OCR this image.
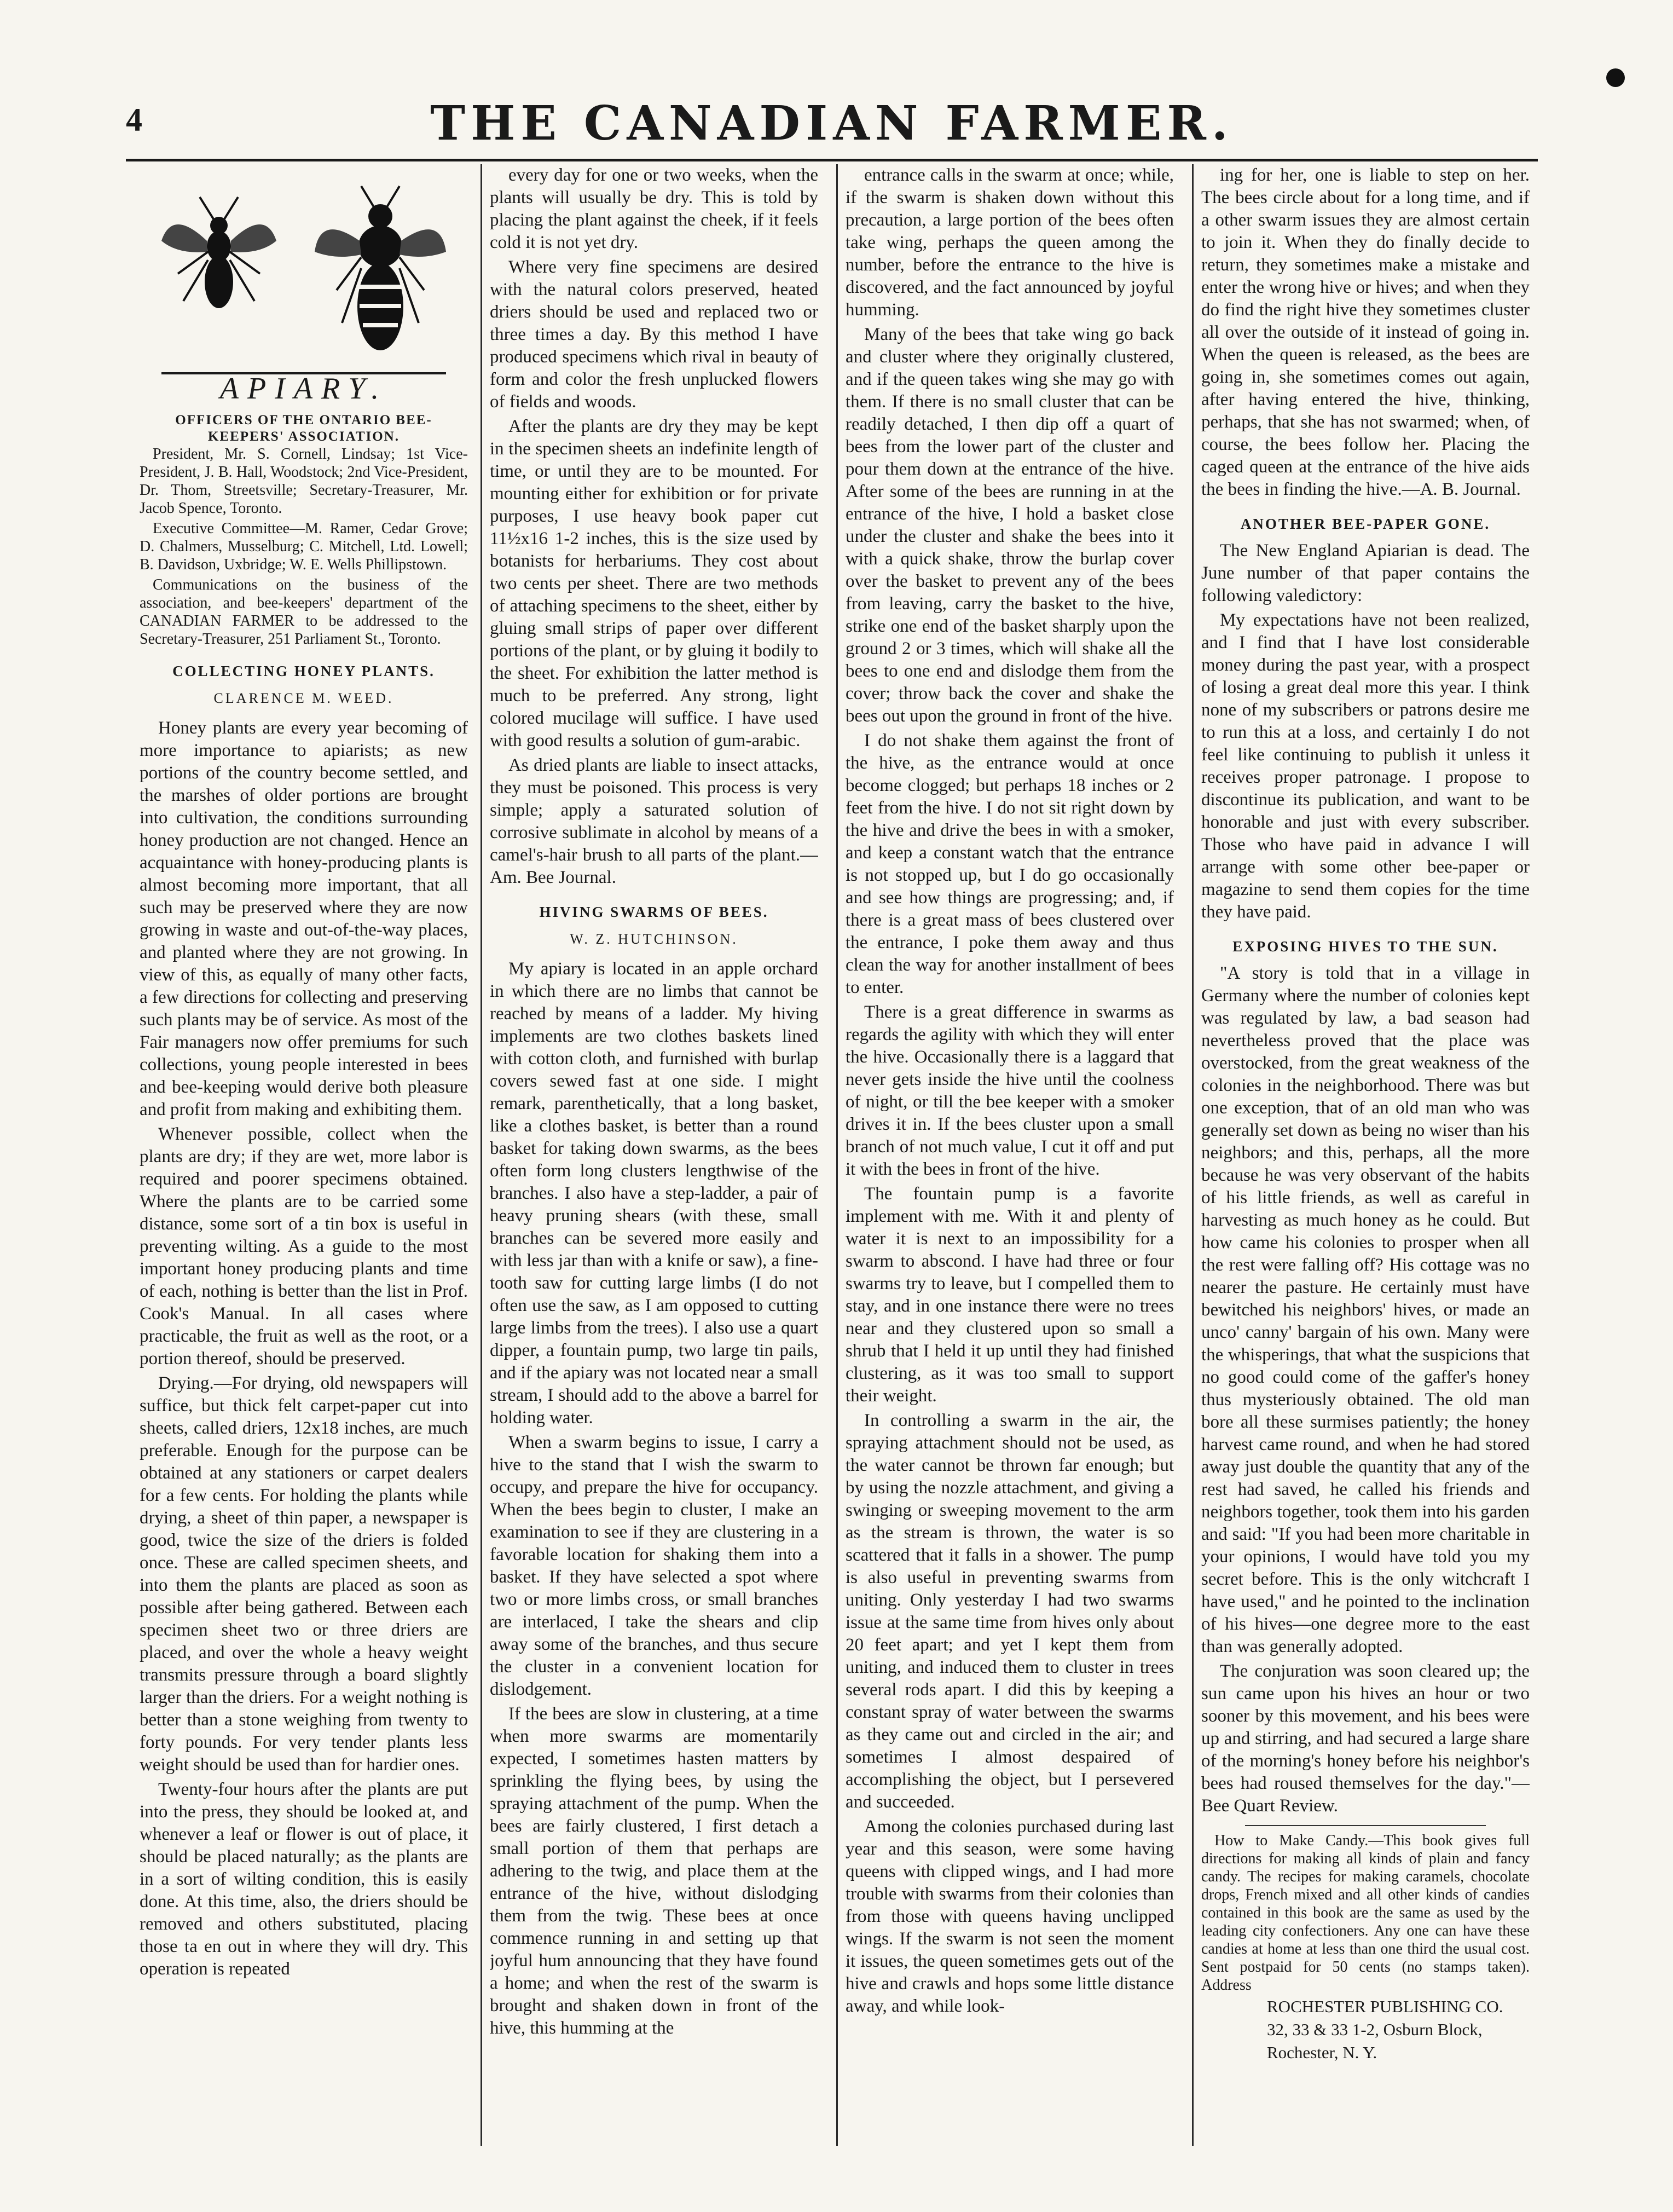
4	THE CANADIAN FARMER.
APIARY.
OFFICERS OF THE ONTARIO BEE-KEEPERS' ASSOCIATION.

President, Mr. S. Cornell, Lindsay; 1st Vice-President, J. B. Hall, Woodstock; 2nd Vice-President, Dr. Thom, Streetsville; Secretary-Treasurer, Mr. Jacob Spence, Toronto.

Executive Committee—M. Ramer, Cedar Grove; D. Chalmers, Musselburg; C. Mitchell, Ltd. Lowell; B. Davidson, Uxbridge; W. E. Wells Phillipstown.

Communications on the business of the association, and bee-keepers' department of the CANADIAN FARMER to be addressed to the Secretary-Treasurer, 251 Parliament St., Toronto.

COLLECTING HONEY PLANTS.
CLARENCE M. WEED.

Honey plants are every year becoming of more importance to apiarists; as new portions of the country become settled, and the marshes of older portions are brought into cultivation, the conditions surrounding honey production are not changed. Hence an acquaintance with honey-producing plants is almost becoming more important, that all such may be preserved where they are now growing in waste and out-of-the-way places, and planted where they are not growing. In view of this, as equally of many other facts, a few directions for collecting and preserving such plants may be of service. As most of the Fair managers now offer premiums for such collections, young people interested in bees and bee-keeping would derive both pleasure and profit from making and exhibiting them.

Whenever possible, collect when the plants are dry; if they are wet, more labor is required and poorer specimens obtained. Where the plants are to be carried some distance, some sort of a tin box is useful in preventing wilting. As a guide to the most important honey producing plants and time of each, nothing is better than the list in Prof. Cook's Manual. In all cases where practicable, the fruit as well as the root, or a portion thereof, should be preserved.

Drying.—For drying, old newspapers will suffice, but thick felt carpet-paper cut into sheets, called driers, 12x18 inches, are much preferable. Enough for the purpose can be obtained at any stationers or carpet dealers for a few cents. For holding the plants while drying, a sheet of thin paper, a newspaper is good, twice the size of the driers is folded once. These are called specimen sheets, and into them the plants are placed as soon as possible after being gathered. Between each specimen sheet two or three driers are placed, and over the whole a heavy weight transmits pressure through a board slightly larger than the driers. For a weight nothing is better than a stone weighing from twenty to forty pounds. For very tender plants less weight should be used than for hardier ones.

Twenty-four hours after the plants are put into the press, they should be looked at, and whenever a leaf or flower is out of place, it should be placed naturally; as the plants are in a sort of wilting condition, this is easily done. At this time, also, the driers should be removed and others substituted, placing those ta en out in where they will dry. This operation is repeated

every day for one or two weeks, when the plants will usually be dry. This is told by placing the plant against the cheek, if it feels cold it is not yet dry.

Where very fine specimens are desired with the natural colors preserved, heated driers should be used and replaced two or three times a day. By this method I have produced specimens which rival in beauty of form and color the fresh unplucked flowers of fields and woods.

After the plants are dry they may be kept in the specimen sheets an indefinite length of time, or until they are to be mounted. For mounting either for exhibition or for private purposes, I use heavy book paper cut 11½x16 1-2 inches, this is the size used by botanists for herbariums. They cost about two cents per sheet. There are two methods of attaching specimens to the sheet, either by gluing small strips of paper over different portions of the plant, or by gluing it bodily to the sheet. For exhibition the latter method is much to be preferred. Any strong, light colored mucilage will suffice. I have used with good results a solution of gum-arabic.

As dried plants are liable to insect attacks, they must be poisoned. This process is very simple; apply a saturated solution of corrosive sublimate in alcohol by means of a camel's-hair brush to all parts of the plant.—Am. Bee Journal.

HIVING SWARMS OF BEES.
W. Z. HUTCHINSON.

My apiary is located in an apple orchard in which there are no limbs that cannot be reached by means of a ladder. My hiving implements are two clothes baskets lined with cotton cloth, and furnished with burlap covers sewed fast at one side. I might remark, parenthetically, that a long basket, like a clothes basket, is better than a round basket for taking down swarms, as the bees often form long clusters lengthwise of the branches. I also have a step-ladder, a pair of heavy pruning shears (with these, small branches can be severed more easily and with less jar than with a knife or saw), a fine-tooth saw for cutting large limbs (I do not often use the saw, as I am opposed to cutting large limbs from the trees). I also use a quart dipper, a fountain pump, two large tin pails, and if the apiary was not located near a small stream, I should add to the above a barrel for holding water.

When a swarm begins to issue, I carry a hive to the stand that I wish the swarm to occupy, and prepare the hive for occupancy. When the bees begin to cluster, I make an examination to see if they are clustering in a favorable location for shaking them into a basket. If they have selected a spot where two or more limbs cross, or small branches are interlaced, I take the shears and clip away some of the branches, and thus secure the cluster in a convenient location for dislodgement.

If the bees are slow in clustering, at a time when more swarms are momentarily expected, I sometimes hasten matters by sprinkling the flying bees, by using the spraying attachment of the pump. When the bees are fairly clustered, I first detach a small portion of them that perhaps are adhering to the twig, and place them at the entrance of the hive, without dislodging them from the twig. These bees at once commence running in and setting up that joyful hum announcing that they have found a home; and when the rest of the swarm is brought and shaken down in front of the hive, this humming at the

entrance calls in the swarm at once; while, if the swarm is shaken down without this precaution, a large portion of the bees often take wing, perhaps the queen among the number, before the entrance to the hive is discovered, and the fact announced by joyful humming.

Many of the bees that take wing go back and cluster where they originally clustered, and if the queen takes wing she may go with them. If there is no small cluster that can be readily detached, I then dip off a quart of bees from the lower part of the cluster and pour them down at the entrance of the hive. After some of the bees are running in at the entrance of the hive, I hold a basket close under the cluster and shake the bees into it with a quick shake, throw the burlap cover over the basket to prevent any of the bees from leaving, carry the basket to the hive, strike one end of the basket sharply upon the ground 2 or 3 times, which will shake all the bees to one end and dislodge them from the cover; throw back the cover and shake the bees out upon the ground in front of the hive.

I do not shake them against the front of the hive, as the entrance would at once become clogged; but perhaps 18 inches or 2 feet from the hive. I do not sit right down by the hive and drive the bees in with a smoker, and keep a constant watch that the entrance is not stopped up, but I do go occasionally and see how things are progressing; and, if there is a great mass of bees clustered over the entrance, I poke them away and thus clean the way for another installment of bees to enter.

There is a great difference in swarms as regards the agility with which they will enter the hive. Occasionally there is a laggard that never gets inside the hive until the coolness of night, or till the bee keeper with a smoker drives it in. If the bees cluster upon a small branch of not much value, I cut it off and put it with the bees in front of the hive.

The fountain pump is a favorite implement with me. With it and plenty of water it is next to an impossibility for a swarm to abscond. I have had three or four swarms try to leave, but I compelled them to stay, and in one instance there were no trees near and they clustered upon so small a shrub that I held it up until they had finished clustering, as it was too small to support their weight.

In controlling a swarm in the air, the spraying attachment should not be used, as the water cannot be thrown far enough; but by using the nozzle attachment, and giving a swinging or sweeping movement to the arm as the stream is thrown, the water is so scattered that it falls in a shower. The pump is also useful in preventing swarms from uniting. Only yesterday I had two swarms issue at the same time from hives only about 20 feet apart; and yet I kept them from uniting, and induced them to cluster in trees several rods apart. I did this by keeping a constant spray of water between the swarms as they came out and circled in the air; and sometimes I almost despaired of accomplishing the object, but I persevered and succeeded.

Among the colonies purchased during last year and this season, were some having queens with clipped wings, and I had more trouble with swarms from their colonies than from those with queens having unclipped wings. If the swarm is not seen the moment it issues, the queen sometimes gets out of the hive and crawls and hops some little distance away, and while look-

ing for her, one is liable to step on her. The bees circle about for a long time, and if a other swarm issues they are almost certain to join it. When they do finally decide to return, they sometimes make a mistake and enter the wrong hive or hives; and when they do find the right hive they sometimes cluster all over the outside of it instead of going in. When the queen is released, as the bees are going in, she sometimes comes out again, after having entered the hive, thinking, perhaps, that she has not swarmed; when, of course, the bees follow her. Placing the caged queen at the entrance of the hive aids the bees in finding the hive.—A. B. Journal.

ANOTHER BEE-PAPER GONE.

The New England Apiarian is dead. The June number of that paper contains the following valedictory:

My expectations have not been realized, and I find that I have lost considerable money during the past year, with a prospect of losing a great deal more this year. I think none of my subscribers or patrons desire me to run this at a loss, and certainly I do not feel like continuing to publish it unless it receives proper patronage. I propose to discontinue its publication, and want to be honorable and just with every subscriber. Those who have paid in advance I will arrange with some other bee-paper or magazine to send them copies for the time they have paid.

EXPOSING HIVES TO THE SUN.

"A story is told that in a village in Germany where the number of colonies kept was regulated by law, a bad season had nevertheless proved that the place was overstocked, from the great weakness of the colonies in the neighborhood. There was but one exception, that of an old man who was generally set down as being no wiser than his neighbors; and this, perhaps, all the more because he was very observant of the habits of his little friends, as well as careful in harvesting as much honey as he could. But how came his colonies to prosper when all the rest were falling off? His cottage was no nearer the pasture. He certainly must have bewitched his neighbors' hives, or made an unco' canny' bargain of his own. Many were the whisperings, that what the suspicions that no good could come of the gaffer's honey thus mysteriously obtained. The old man bore all these surmises patiently; the honey harvest came round, and when he had stored away just double the quantity that any of the rest had saved, he called his friends and neighbors together, took them into his garden and said: "If you had been more charitable in your opinions, I would have told you my secret before. This is the only witchcraft I have used," and he pointed to the inclination of his hives—one degree more to the east than was generally adopted.

The conjuration was soon cleared up; the sun came upon his hives an hour or two sooner by this movement, and his bees were up and stirring, and had secured a large share of the morning's honey before his neighbor's bees had roused themselves for the day."—Bee Quart Review.

How to Make Candy.—This book gives full directions for making all kinds of plain and fancy candy. The recipes for making caramels, chocolate drops, French mixed and all other kinds of candies contained in this book are the same as used by the leading city confectioners. Any one can have these candies at home at less than one third the usual cost. Sent postpaid for 50 cents (no stamps taken). Address

ROCHESTER PUBLISHING CO.

32, 33 & 33 1-2, Osburn Block,

Rochester, N. Y.
